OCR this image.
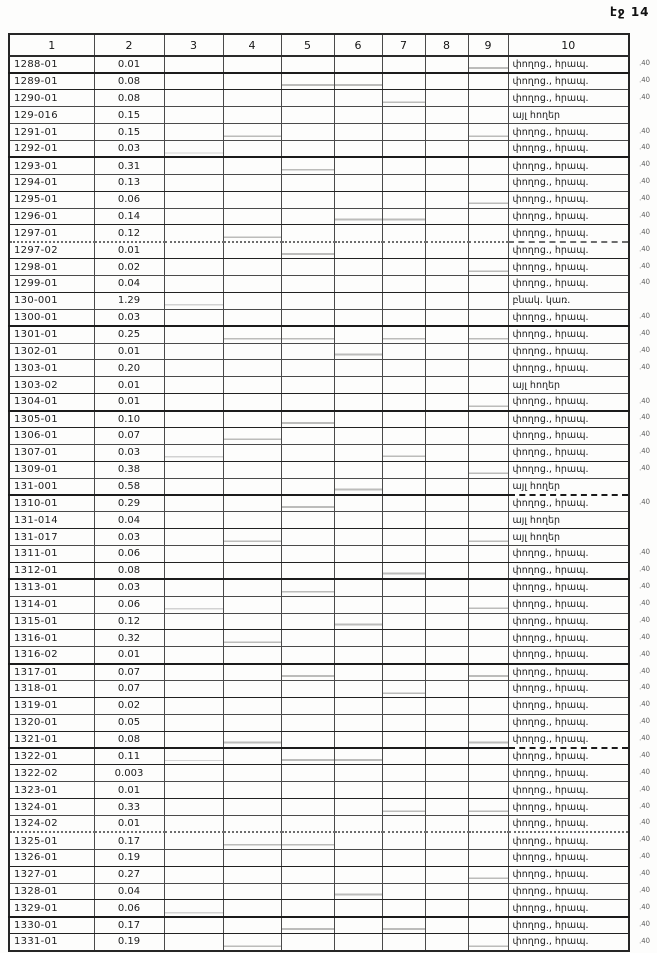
էջ 14
1	2	3	4	5	6	7	8	9	10
1288-01	0.01								փողոց., հրապ.
1289-01	0.08								փողոց., հրապ.
1290-01	0.08								փողոց., հրապ.
129-016	0.15								այլ հողեր
1291-01	0.15								փողոց., հրապ.
1292-01	0.03								փողոց., հրապ.
1293-01	0.31								փողոց., հրապ.
1294-01	0.13								փողոց., հրապ.
1295-01	0.06								փողոց., հրապ.
1296-01	0.14								փողոց., հրապ.
1297-01	0.12								փողոց., հրապ.
1297-02	0.01								փողոց., հրապ.
1298-01	0.02								փողոց., հրապ.
1299-01	0.04								փողոց., հրապ.
130-001	1.29								բնակ. կառ.
1300-01	0.03								փողոց., հրապ.
1301-01	0.25								փողոց., հրապ.
1302-01	0.01								փողոց., հրապ.
1303-01	0.20								փողոց., հրապ.
1303-02	0.01								այլ հողեր
1304-01	0.01								փողոց., հրապ.
1305-01	0.10								փողոց., հրապ.
1306-01	0.07								փողոց., հրապ.
1307-01	0.03								փողոց., հրապ.
1309-01	0.38								փողոց., հրապ.
131-001	0.58								այլ հողեր
1310-01	0.29								փողոց., հրապ.
131-014	0.04								այլ հողեր
131-017	0.03								այլ հողեր
1311-01	0.06								փողոց., հրապ.
1312-01	0.08								փողոց., հրապ.
1313-01	0.03								փողոց., հրապ.
1314-01	0.06								փողոց., հրապ.
1315-01	0.12								փողոց., հրապ.
1316-01	0.32								փողոց., հրապ.
1316-02	0.01								փողոց., հրապ.
1317-01	0.07								փողոց., հրապ.
1318-01	0.07								փողոց., հրապ.
1319-01	0.02								փողոց., հրապ.
1320-01	0.05								փողոց., հրապ.
1321-01	0.08								փողոց., հրապ.
1322-01	0.11								փողոց., հրապ.
1322-02	0.003								փողոց., հրապ.
1323-01	0.01								փողոց., հրապ.
1324-01	0.33								փողոց., հրապ.
1324-02	0.01								փողոց., հրապ.
1325-01	0.17								փողոց., հրապ.
1326-01	0.19								փողոց., հրապ.
1327-01	0.27								փողոց., հրապ.
1328-01	0.04								փողոց., հրապ.
1329-01	0.06								փողոց., հրապ.
1330-01	0.17								փողոց., հրապ.
1331-01	0.19								փողոց., հրապ.
.40
.40
.40
.40
.40
.40
.40
.40
.40
.40
.40
.40
.40
.40
.40
.40
.40
.40
.40
.40
.40
.40
.40
.40
.40
.40
.40
.40
.40
.40
.40
.40
.40
.40
.40
.40
.40
.40
.40
.40
.40
.40
.40
.40
.40
.40
.40
